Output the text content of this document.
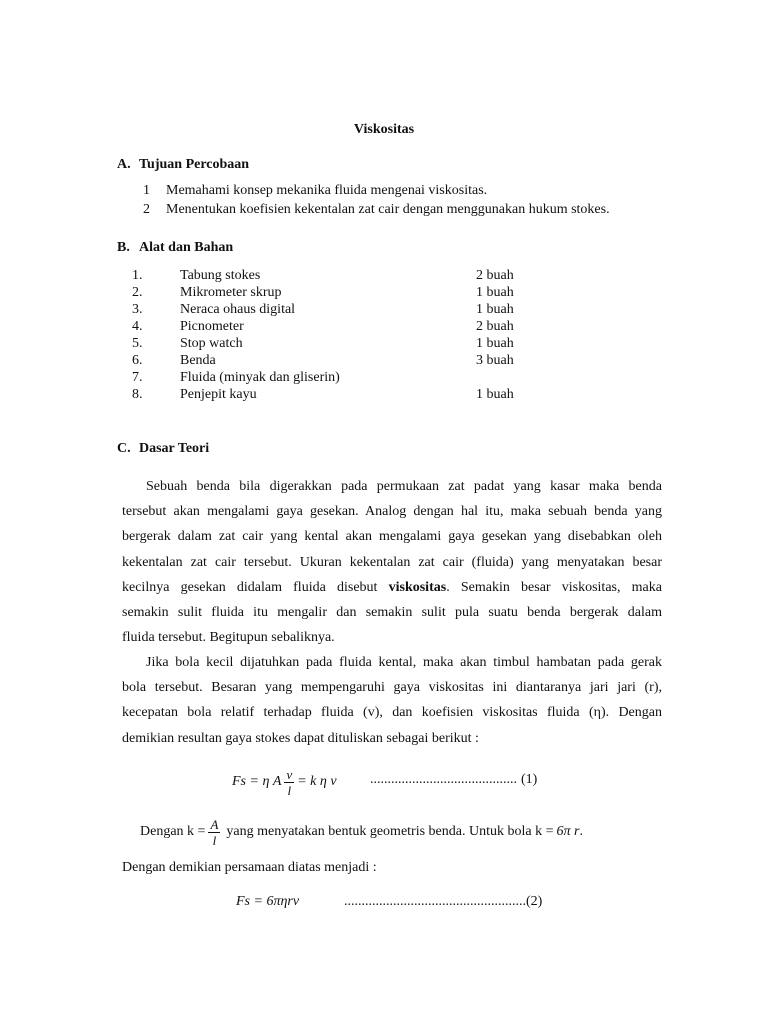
Viskositas
A. Tujuan Percobaan
1 Memahami konsep mekanika fluida mengenai viskositas.
2 Menentukan koefisien kekentalan zat cair dengan menggunakan hukum stokes.
B. Alat dan Bahan
1.	Tabung stokes	2 buah
2.	Mikrometer skrup	1 buah
3.	Neraca ohaus digital	1 buah
4.	Picnometer	2 buah
5.	Stop watch	1 buah
6.	Benda	3 buah
7.	Fluida (minyak dan gliserin)
8.	Penjepit kayu	1 buah
C. Dasar Teori
Sebuah benda bila digerakkan pada permukaan zat padat yang kasar maka benda
tersebut akan mengalami gaya gesekan. Analog dengan hal itu, maka sebuah benda yang
bergerak dalam zat cair yang kental akan mengalami gaya gesekan yang disebabkan oleh
kekentalan zat cair tersebut. Ukuran kekentalan zat cair (fluida) yang menyatakan besar
kecilnya gesekan didalam fluida disebut viskositas. Semakin besar viskositas, maka
semakin sulit fluida itu mengalir dan semakin sulit pula suatu benda bergerak dalam
fluida tersebut. Begitupun sebaliknya.
Jika bola kecil dijatuhkan pada fluida kental, maka akan timbul hambatan pada gerak
bola tersebut. Besaran yang mempengaruhi gaya viskositas ini diantaranya jari jari (r),
kecepatan bola relatif terhadap fluida (v), dan koefisien viskositas fluida (η). Dengan
demikian resultan gaya stokes dapat dituliskan sebagai berikut :
Fs = η A $\frac{v}{l} = k$ η v .......................................... (1)
Dengan $k = \frac{A}{l}$ yang menyatakan bentuk geometris benda. Untuk bola k = 6π r .
Dengan demikian persamaan diatas menjadi :
Fs = 6πηrv	....................................................(2)
